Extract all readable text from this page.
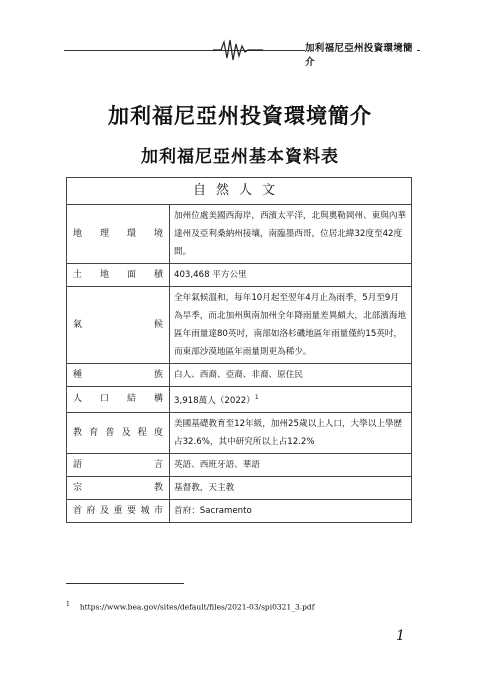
加利福尼亞州投資環境簡介
加利福尼亞州投資環境簡介
加利福尼亞州基本資料表
自然人文	
地理環境	加州位處美國西海岸，西濱太平洋，北與奧勒岡州、東與內華達州及亞利桑納州接壤，南臨墨西哥，位居北緯32度至42度間。
土地面積	403,468 平方公里
氣候	全年氣候溫和，每年10月起至翌年4月止為雨季，5月至9月為旱季，而北加州與南加州全年降雨量差異頗大，北部濱海地區年雨量達80英吋，南部如洛杉磯地區年雨量僅約15英吋，而東部沙漠地區年雨量則更為稀少。
種族	白人、西裔、亞裔、非裔、原住民
人口結構	3,918萬人$(2022)^1$
教育普及程度	美國基礎教育至12年級，加州25歲以上人口，大學以上學歷占32.6%，其中研究所以上占12.2%
語言	英語、西班牙語、華語
宗教	基督教，天主教
首府及重要城市	首府：Sacramento
$^1$ https://www.bea.gov/sites/default/files/2021-03/spi0321_3.pdf
1
